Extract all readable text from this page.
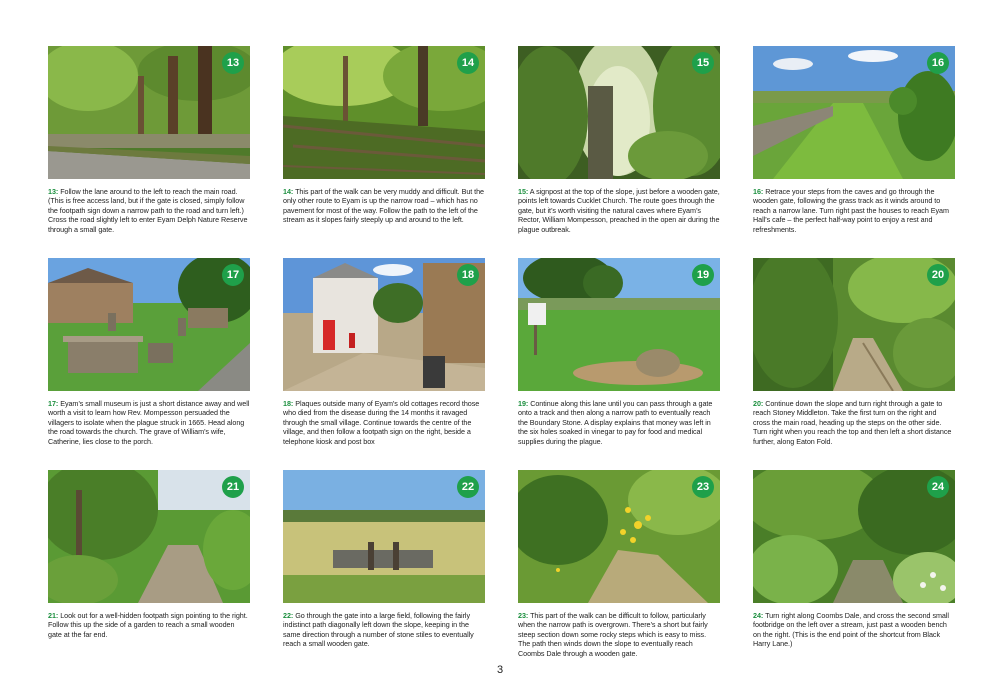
13
13: Follow the lane around to the left to reach the main road. (This is free access land, but if the gate is closed, simply follow the footpath sign down a narrow path to the road and turn left.) Cross the road slightly left to enter Eyam Delph Nature Reserve through a small gate.
14
14: This part of the walk can be very muddy and difficult. But the only other route to Eyam is up the narrow road – which has no pavement for most of the way. Follow the path to the left of the stream as it slopes fairly steeply up and around to the left.
15
15: A signpost at the top of the slope, just before a wooden gate, points left towards Cucklet Church. The route goes through the gate, but it’s worth visiting the natural caves where Eyam’s Rector, William Mompesson, preached in the open air during the plague outbreak.
16
16: Retrace your steps from the caves and go through the wooden gate, following the grass track as it winds around to reach a narrow lane. Turn right past the houses to reach Eyam Hall’s cafe – the perfect half-way point to enjoy a rest and refreshments.
17
17: Eyam’s small museum is just a short distance away and well worth a visit to learn how Rev. Mompesson persuaded the villagers to isolate when the plague struck in 1665. Head along the road towards the church. The grave of William’s wife, Catherine, lies close to the porch.
18
18: Plaques outside many of Eyam’s old cottages record those who died from the disease during the 14 months it ravaged through the small village. Continue towards the centre of the village, and then follow a footpath sign on the right, beside a telephone kiosk and post box
19
19: Continue along this lane until you can pass through a gate onto a track and then along a narrow path to eventually reach the Boundary Stone. A display explains that money was left in the six holes soaked in vinegar to pay for food and medical supplies during the plague.
20
20: Continue down the slope and turn right through a gate to reach Stoney Middleton. Take the first turn on the right and cross the main road, heading up the steps on the other side. Turn right when you reach the top and then left a short distance further, along Eaton Fold.
21
21: Look out for a well-hidden footpath sign pointing to the right. Follow this up the side of a garden to reach a small wooden gate at the far end.
22
22: Go through the gate into a large field, following the fairly indistinct path diagonally left down the slope, keeping in the same direction through a number of stone stiles to eventually reach a small wooden gate.
23
23: This part of the walk can be difficult to follow, particularly when the narrow path is overgrown. There’s a short but fairly steep section down some rocky steps which is easy to miss. The path then winds down the slope to eventually reach Coombs Dale through a wooden gate.
24
24: Turn right along Coombs Dale, and cross the second small footbridge on the left over a stream, just past a wooden bench on the right. (This is the end point of the shortcut from Black Harry Lane.)
3
